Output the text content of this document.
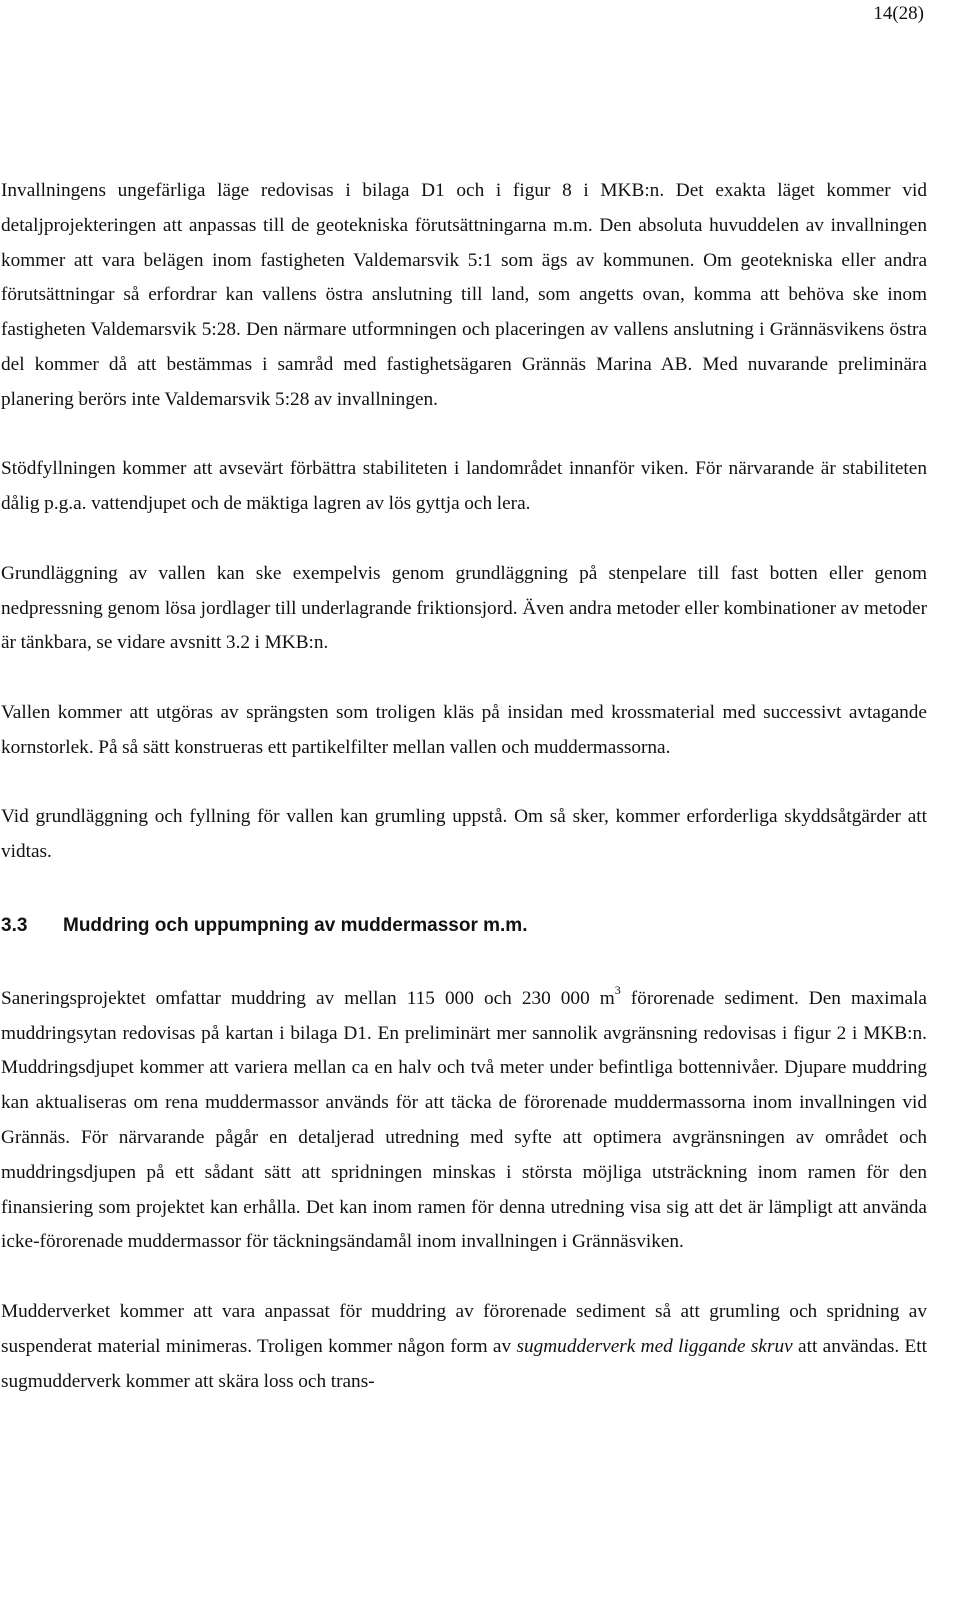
14(28)

Invallningens ungefärliga läge redovisas i bilaga D1 och i figur 8 i MKB:n. Det exakta läget kommer vid detaljprojekteringen att anpassas till de geotekniska förutsättningarna m.m. Den absoluta huvuddelen av invallningen kommer att vara belägen inom fastigheten Valdemarsvik 5:1 som ägs av kommunen. Om geotekniska eller andra förutsättningar så erfordrar kan vallens östra anslutning till land, som angetts ovan, komma att behöva ske inom fastigheten Valdemarsvik 5:28. Den närmare utformningen och placeringen av vallens anslutning i Grännäsvikens östra del kommer då att bestämmas i samråd med fastighetsägaren Grännäs Marina AB. Med nuvarande preliminära planering berörs inte Valdemarsvik 5:28 av invallningen.

Stödfyllningen kommer att avsevärt förbättra stabiliteten i landområdet innanför viken. För närvarande är stabiliteten dålig p.g.a. vattendjupet och de mäktiga lagren av lös gyttja och lera.

Grundläggning av vallen kan ske exempelvis genom grundläggning på stenpelare till fast botten eller genom nedpressning genom lösa jordlager till underlagrande friktionsjord. Även andra metoder eller kombinationer av metoder är tänkbara, se vidare avsnitt 3.2 i MKB:n.

Vallen kommer att utgöras av sprängsten som troligen kläs på insidan med krossmaterial med successivt avtagande kornstorlek. På så sätt konstrueras ett partikelfilter mellan vallen och muddermassorna.

Vid grundläggning och fyllning för vallen kan grumling uppstå. Om så sker, kommer erforderliga skyddsåtgärder att vidtas.

3.3	Muddring och uppumpning av muddermassor m.m.

Saneringsprojektet omfattar muddring av mellan 115 000 och 230 000 $m^3$ förorenade sediment. Den maximala muddringsytan redovisas på kartan i bilaga D1. En preliminärt mer sannolik avgränsning redovisas i figur 2 i MKB:n. Muddringsdjupet kommer att variera mellan ca en halv och två meter under befintliga bottennivåer. Djupare muddring kan aktualiseras om rena muddermassor används för att täcka de förorenade muddermassorna inom invallningen vid Grännäs. För närvarande pågår en detaljerad utredning med syfte att optimera avgränsningen av området och muddringsdjupen på ett sådant sätt att spridningen minskas i största möjliga utsträckning inom ramen för den finansiering som projektet kan erhålla. Det kan inom ramen för denna utredning visa sig att det är lämpligt att använda icke-förorenade muddermassor för täckningsändamål inom invallningen i Grännäsviken.

Mudderverket kommer att vara anpassat för muddring av förorenade sediment så att grumling och spridning av suspenderat material minimeras. Troligen kommer någon form av sugmudderverk med liggande skruv att användas. Ett sugmudderverk kommer att skära loss och trans-
